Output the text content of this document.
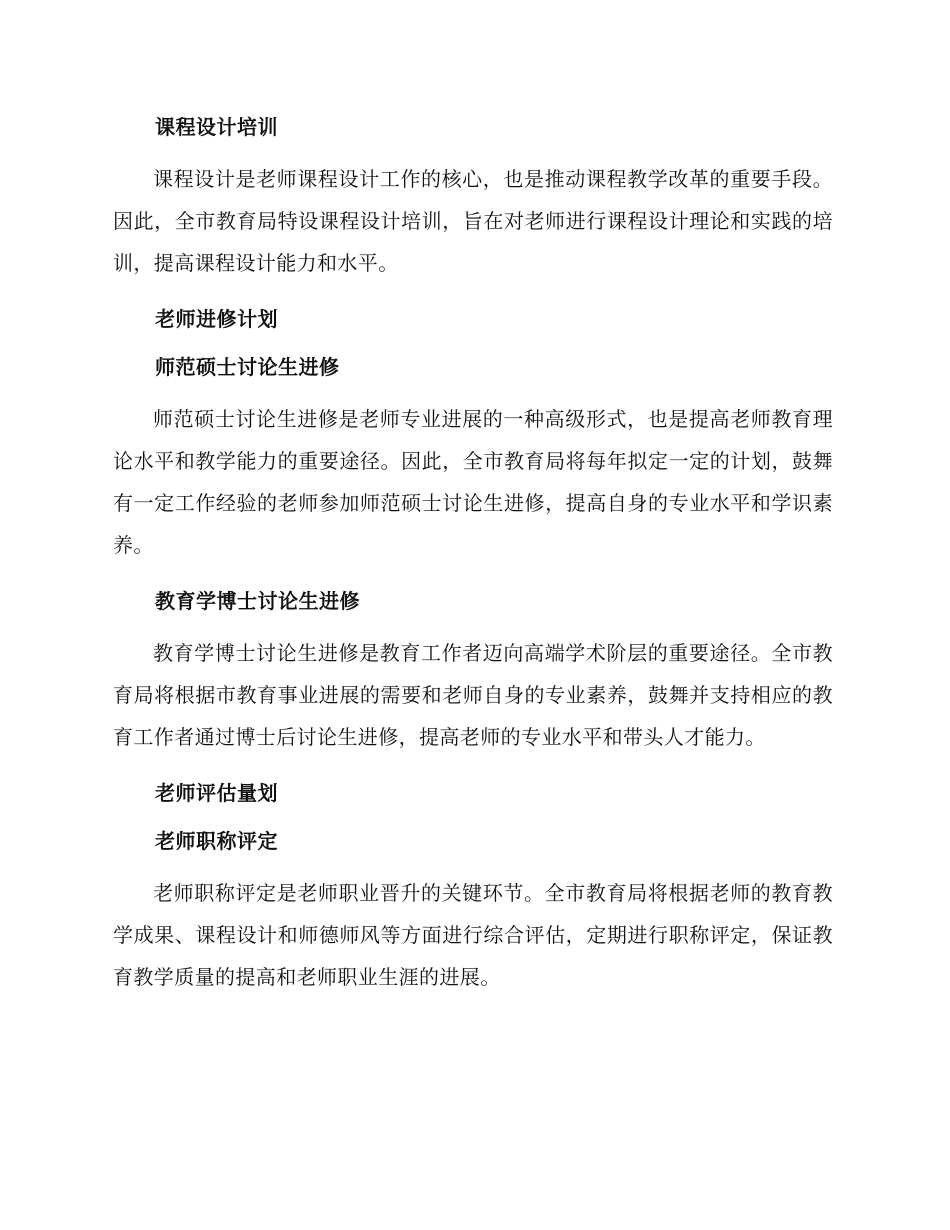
课程设计培训

课程设计是老师课程设计工作的核心，也是推动课程教学改革的重要手段。因此，全市教育局特设课程设计培训，旨在对老师进行课程设计理论和实践的培训，提高课程设计能力和水平。

老师进修计划
师范硕士讨论生进修

师范硕士讨论生进修是老师专业进展的一种高级形式，也是提高老师教育理论水平和教学能力的重要途径。因此，全市教育局将每年拟定一定的计划，鼓舞有一定工作经验的老师参加师范硕士讨论生进修，提高自身的专业水平和学识素养。

教育学博士讨论生进修

教育学博士讨论生进修是教育工作者迈向高端学术阶层的重要途径。全市教育局将根据市教育事业进展的需要和老师自身的专业素养，鼓舞并支持相应的教育工作者通过博士后讨论生进修，提高老师的专业水平和带头人才能力。

老师评估量划
老师职称评定

老师职称评定是老师职业晋升的关键环节。全市教育局将根据老师的教育教学成果、课程设计和师德师风等方面进行综合评估，定期进行职称评定，保证教育教学质量的提高和老师职业生涯的进展。
